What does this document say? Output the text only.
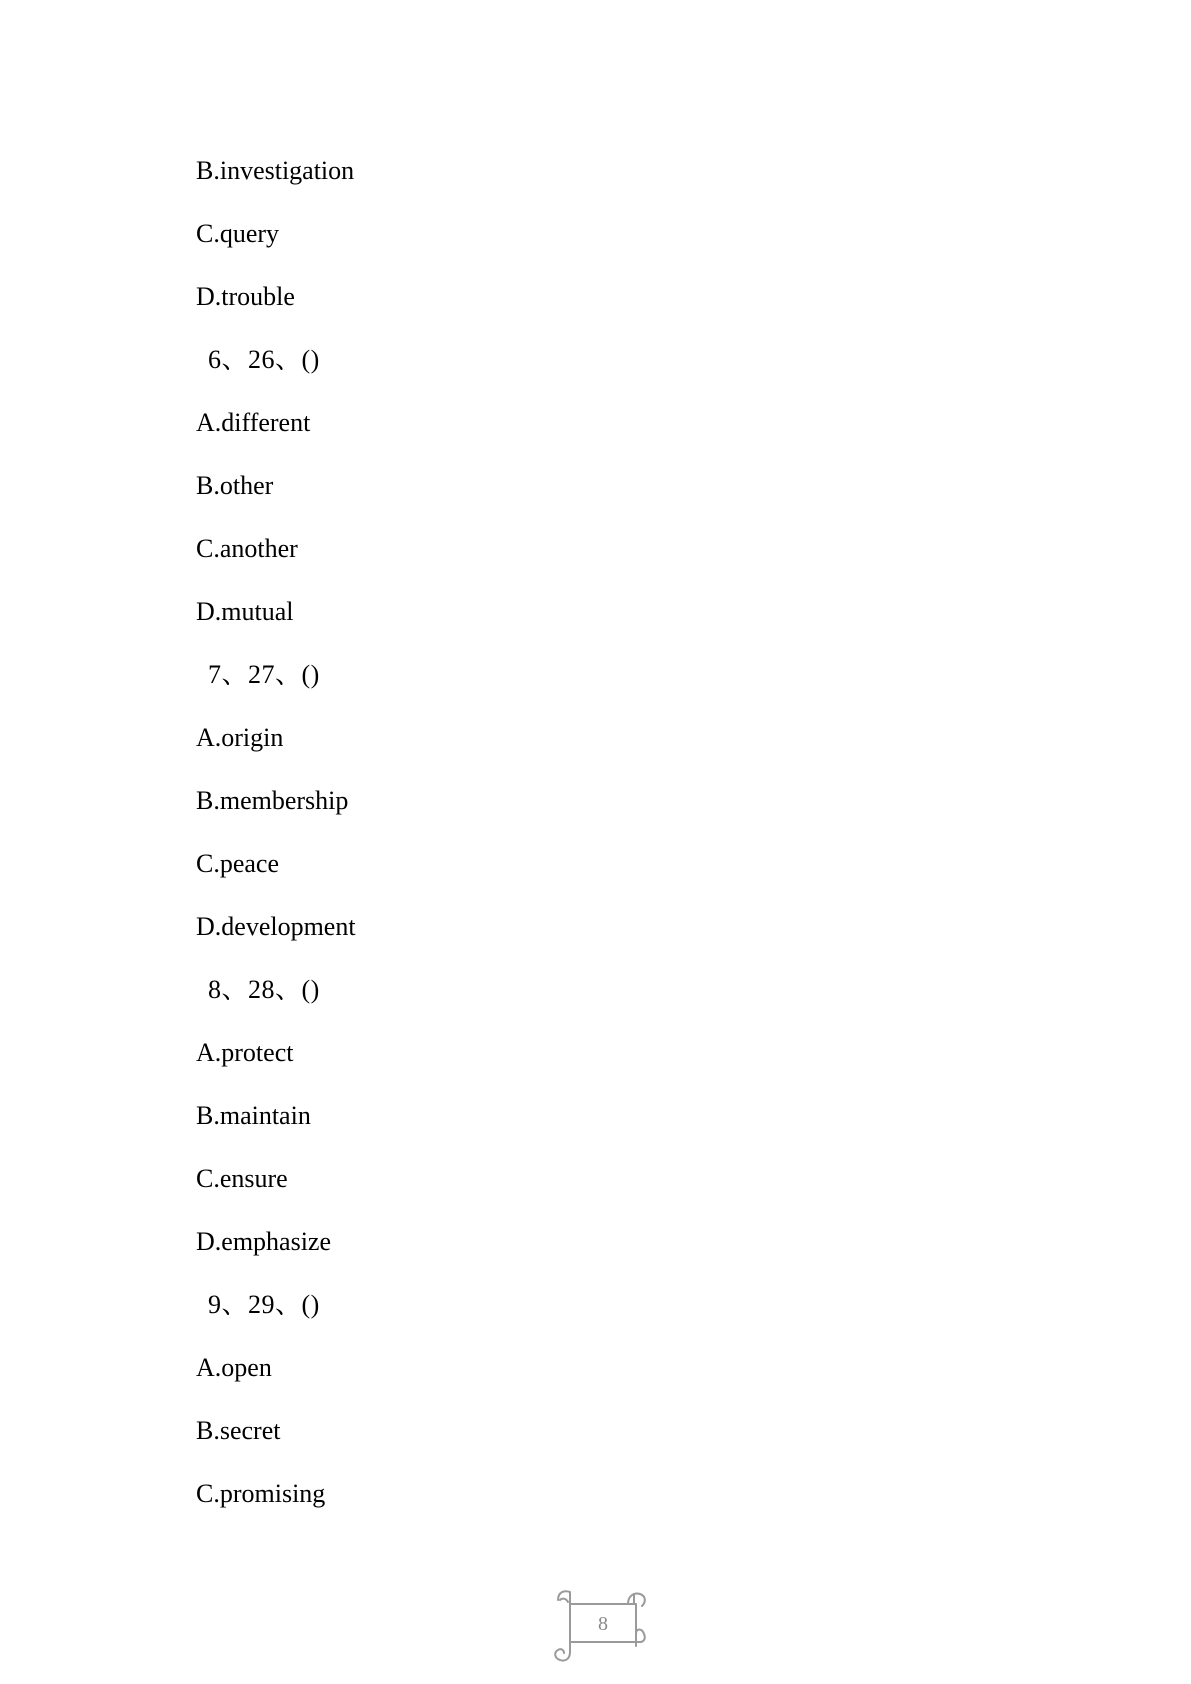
B.investigation
C.query
D.trouble
6、26、()
A.different
B.other
C.another
D.mutual
7、27、()
A.origin
B.membership
C.peace
D.development
8、28、()
A.protect
B.maintain
C.ensure
D.emphasize
9、29、()
A.open
B.secret
C.promising
8
